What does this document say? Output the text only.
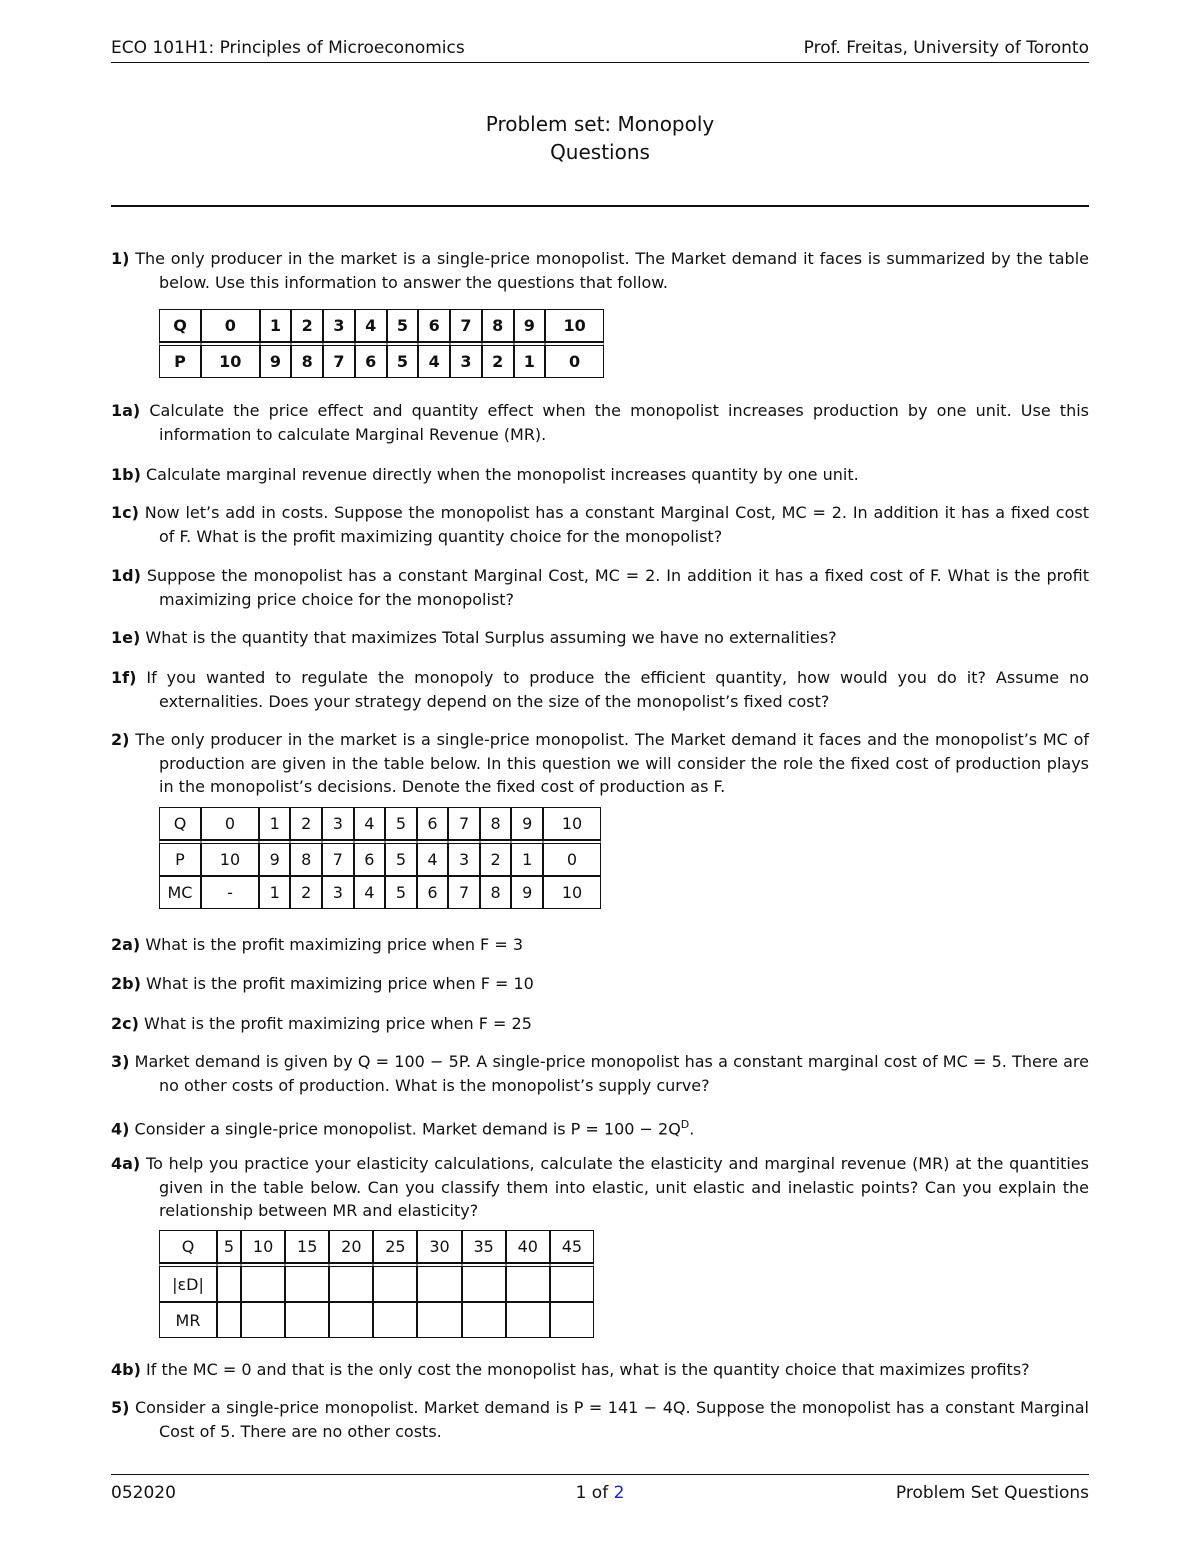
ECO 101H1: Principles of Microeconomics	Prof. Freitas, University of Toronto
Problem set: Monopoly
Questions
1) The only producer in the market is a single-price monopolist. The Market demand it faces is summarized by the table below. Use this information to answer the questions that follow.
Q	0	1	2	3	4	5	6	7	8	9	10
P	10	9	8	7	6	5	4	3	2	1	0
1a) Calculate the price effect and quantity effect when the monopolist increases production by one unit. Use this information to calculate Marginal Revenue (MR).
1b) Calculate marginal revenue directly when the monopolist increases quantity by one unit.
1c) Now let’s add in costs. Suppose the monopolist has a constant Marginal Cost, MC = 2. In addition it has a fixed cost of F. What is the profit maximizing quantity choice for the monopolist?
1d) Suppose the monopolist has a constant Marginal Cost, MC = 2. In addition it has a fixed cost of F. What is the profit maximizing price choice for the monopolist?
1e) What is the quantity that maximizes Total Surplus assuming we have no externalities?
1f) If you wanted to regulate the monopoly to produce the efficient quantity, how would you do it? Assume no externalities. Does your strategy depend on the size of the monopolist’s fixed cost?
2) The only producer in the market is a single-price monopolist. The Market demand it faces and the monopolist’s MC of production are given in the table below. In this question we will consider the role the fixed cost of production plays in the monopolist’s decisions. Denote the fixed cost of production as F.
Q	0	1	2	3	4	5	6	7	8	9	10
P	10	9	8	7	6	5	4	3	2	1	0
MC	-	1	2	3	4	5	6	7	8	9	10
2a) What is the profit maximizing price when F = 3
2b) What is the profit maximizing price when F = 10
2c) What is the profit maximizing price when F = 25
3) Market demand is given by Q = 100 − 5P. A single-price monopolist has a constant marginal cost of MC = 5. There are no other costs of production. What is the monopolist’s supply curve?
4) Consider a single-price monopolist. Market demand is $P = 100 - 2Q^D$.
4a) To help you practice your elasticity calculations, calculate the elasticity and marginal revenue (MR) at the quantities given in the table below. Can you classify them into elastic, unit elastic and inelastic points? Can you explain the relationship between MR and elasticity?
Q	5	10	15	20	25	30	35	40	45
|εD|									
MR									
4b) If the MC = 0 and that is the only cost the monopolist has, what is the quantity choice that maximizes profits?
5) Consider a single-price monopolist. Market demand is P = 141 − 4Q. Suppose the monopolist has a constant Marginal Cost of 5. There are no other costs.
052020	1 of 2	Problem Set Questions
